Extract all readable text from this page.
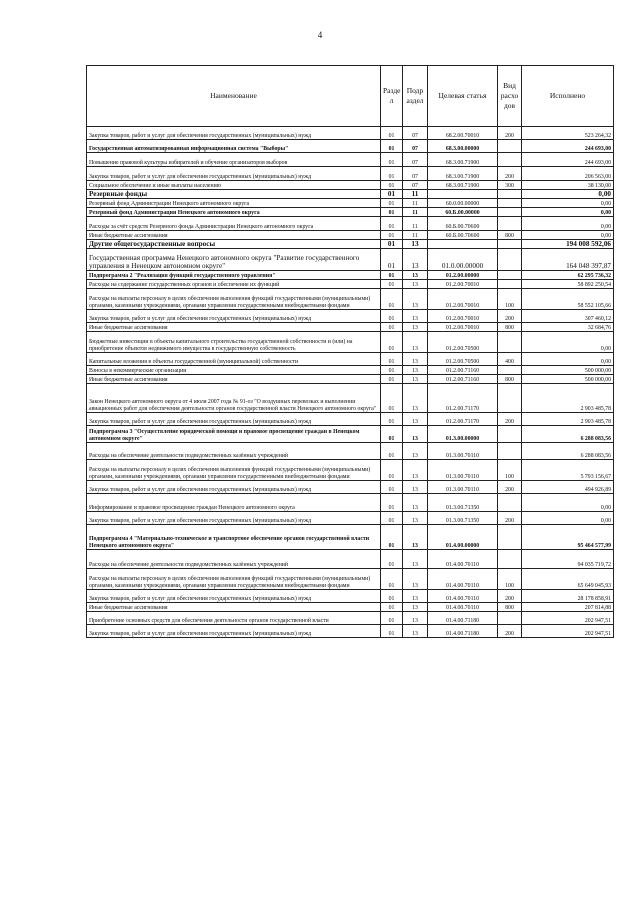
4
Наименование	Разде л	Подр аздел	Целевая статья	Вид расхо дов	Исполнено
Закупка товаров, работ и услуг для обеспечения государственных (муниципальных) нужд	01	07	68.2.00.70010	200	523 264,32
Государственная автоматизированная информационная система "Выборы"	01	07	68.3.00.00000		244 693,00
Повышение правовой культуры избирателей и обучение организаторов выборов	01	07	68.3.00.71900		244 693,00
Закупка товаров, работ и услуг для обеспечения государственных (муниципальных) нужд	01	07	68.3.00.71900	200	206 563,00
Социальное обеспечение и иные выплаты населению	01	07	68.3.00.71900	300	38 130,00
Резервные фонды	01	11			0,00
Резервный фонд Администрации Ненецкого автономного округа	01	11	60.0.00.00000		0,00
Резервный фонд Администрации Ненецкого автономного округа	01	11	60.Б.00.00000		0,00
Расходы за счёт средств Резервного фонда Администрации Ненецкого автономного округа	01	11	60.Б.00.70600		0,00
Иные бюджетные ассигнования	01	11	60.Б.00.70600	800	0,00
Другие общегосударственные вопросы	01	13			194 008 592,06
Государственная программа Ненецкого автономного округа "Развитие государственного управления в Ненецком автономном округе"	01	13	01.0.00.00000		164 048 397,87
Подпрограмма 2 "Реализация функций государственного управления"	01	13	01.2.00.00000		62 295 736,32
Расходы на содержание государственных органов и обеспечение их функций	01	13	01.2.00.70010		58 892 250,54
Расходы на выплаты персоналу в целях обеспечения выполнения функций государственными (муниципальными) органами, казенными учреждениями, органами управления государственными внебюджетными фондами	01	13	01.2.00.70010	100	58 552 105,66
Закупка товаров, работ и услуг для обеспечения государственных (муниципальных) нужд	01	13	01.2.00.70010	200	307 460,12
Иные бюджетные ассигнования	01	13	01.2.00.70010	800	32 684,76
Бюджетные инвестиции в объекты капитального строительства государственной собственности и (или) на приобретение объектов недвижимого имущества в государственную собственность	01	13	01.2.00.70500		0,00
Капитальные вложения в объекты государственной (муниципальной) собственности	01	13	01.2.00.70500	400	0,00
Взносы в некоммерческие организации	01	13	01.2.00.71160		500 000,00
Иные бюджетные ассигнования	01	13	01.2.00.71160	800	500 000,00
Закон Ненецкого автономного округа от 4 июля 2007 года № 91-оз "О воздушных перевозках и выполнении авиационных работ для обеспечения деятельности органов государственной власти Ненецкого автономного округа"	01	13	01.2.00.71170		2 903 485,78
Закупка товаров, работ и услуг для обеспечения государственных (муниципальных) нужд	01	13	01.2.00.71170	200	2 903 485,78
Подпрограмма 3 "Осуществление юридической помощи и правовое просвещение граждан в Ненецком автономном округе"	01	13	01.3.00.00000		6 288 083,56
Расходы на обеспечение деятельности подведомственных казённых учреждений	01	13	01.3.00.70110		6 288 083,56
Расходы на выплаты персоналу в целях обеспечения выполнения функций государственными (муниципальными) органами, казенными учреждениями, органами управления государственными внебюджетными фондами	01	13	01.3.00.70110	100	5 793 156,67
Закупка товаров, работ и услуг для обеспечения государственных (муниципальных) нужд	01	13	01.3.00.70110	200	494 926,89
Информирование и правовое просвещение граждан Ненецкого автономного округа	01	13	01.3.00.71350		0,00
Закупка товаров, работ и услуг для обеспечения государственных (муниципальных) нужд	01	13	01.3.00.71350	200	0,00
Подпрограмма 4 "Материально-техническое и транспортное обеспечение органов государственной власти Ненецкого автономного округа"	01	13	01.4.00.00000		95 464 577,99
Расходы на обеспечение деятельности подведомственных казённых учреждений	01	13	01.4.00.70110		94 035 719,72
Расходы на выплаты персоналу в целях обеспечения выполнения функций государственными (муниципальными) органами, казенными учреждениями, органами управления государственными внебюджетными фондами	01	13	01.4.00.70110	100	65 649 045,93
Закупка товаров, работ и услуг для обеспечения государственных (муниципальных) нужд	01	13	01.4.00.70110	200	28 178 858,91
Иные бюджетные ассигнования	01	13	01.4.00.70110	800	207 814,88
Приобретение основных средств для обеспечения деятельности органов государственной власти	01	13	01.4.00.71180		202 947,51
Закупка товаров, работ и услуг для обеспечения государственных (муниципальных) нужд	01	13	01.4.00.71180	200	202 947,51
